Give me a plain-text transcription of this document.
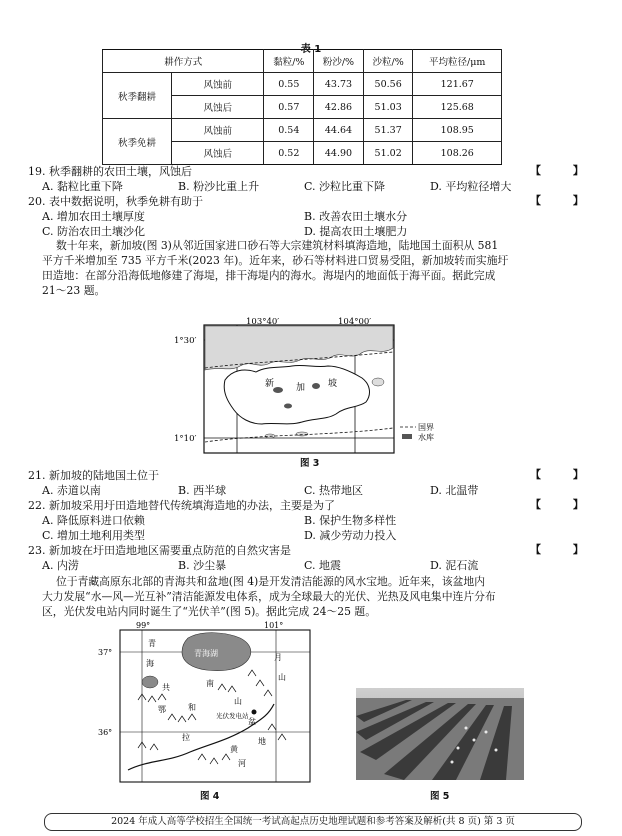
表 1
耕作方式		黏粒/%	粉沙/%	沙粒/%	平均粒径/μm
秋季翻耕	风蚀前	0.55	43.73	50.56	121.67
	风蚀后	0.57	42.86	51.03	125.68
秋季免耕	风蚀前	0.54	44.64	51.37	108.95
	风蚀后	0.52	44.90	51.02	108.26
19. 秋季翻耕的农田土壤，风蚀后	【 】
A. 黏粒比重下降	B. 粉沙比重上升	C. 沙粒比重下降	D. 平均粒径增大
20. 表中数据说明，秋季免耕有助于	【 】
A. 增加农田土壤厚度	B. 改善农田土壤水分
C. 防治农田土壤沙化	D. 提高农田土壤肥力

数十年来，新加坡(图 3)从邻近国家进口砂石等大宗建筑材料填海造地，陆地国土面积从 581

平方千米增加至 735 平方千米(2023 年)。近年来，砂石等材料进口贸易受阻，新加坡转而实施圩

田造地：在部分沿海低地修建了海堤，排干海堤内的海水。海堤内的地面低于海平面。据此完成

21～23 题。

103°40′	104°00′
1°30′
1°10′
新 加	坡
国界
水库
图 3
21. 新加坡的陆地国土位于	【 】
A. 赤道以南	B. 西半球	C. 热带地区	D. 北温带
22. 新加坡采用圩田造地替代传统填海造地的办法，主要是为了	【 】
A. 降低原料进口依赖	B. 保护生物多样性
C. 增加土地利用类型	D. 减少劳动力投入
23. 新加坡在圩田造地地区需要重点防范的自然灾害是	【 】
A. 内涝	B. 沙尘暴	C. 地震	D. 泥石流

位于青藏高原东北部的青海共和盆地(图 4)是开发清洁能源的风水宝地。近年来，该盆地内

大力发展“水—风—光互补”清洁能源发电体系，成为全球最大的光伏、光热及风电集中连片分布

区，光伏发电站内同时诞生了“光伏羊”(图 5)。据此完成 24～25 题。

99°	101°
37°
36°
青海湖
青
海
南
共
和
鄂
拉
山
盆
地
月
山
黄
河
光伏发电站
图 4	图 5
2024 年成人高等学校招生全国统一考试高起点历史地理试题和参考答案及解析(共 8 页) 第 3 页
